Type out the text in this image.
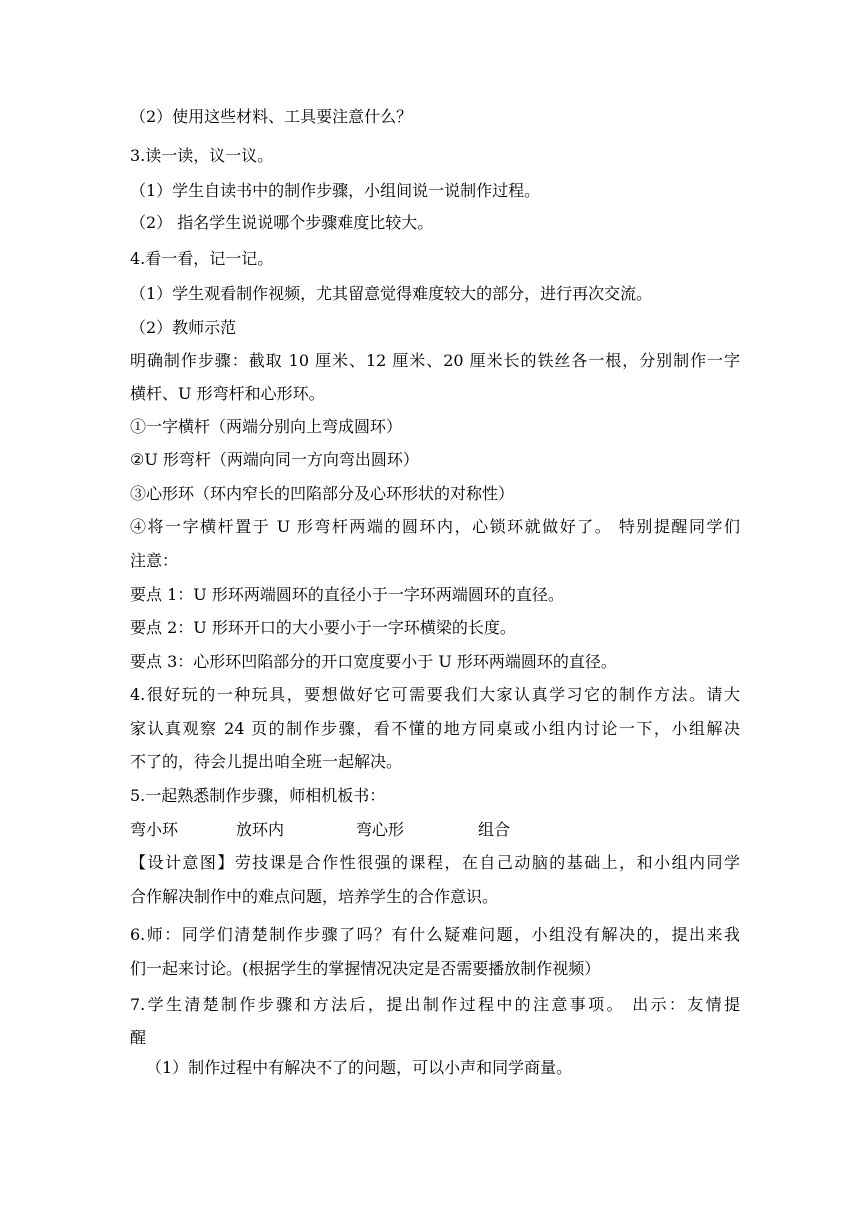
（2）使用这些材料、工具要注意什么？
3.读一读，议一议。
（1）学生自读书中的制作步骤，小组间说一说制作过程。
（2） 指名学生说说哪个步骤难度比较大。
4.看一看，记一记。
（1）学生观看制作视频，尤其留意觉得难度较大的部分，进行再次交流。
（2）教师示范
明确制作步骤：截取 10 厘米、12 厘米、20 厘米长的铁丝各一根，分别制作一字
横杆、U 形弯杆和心形环。
①一字横杆（两端分别向上弯成圆环）
②U 形弯杆（两端向同一方向弯出圆环）
③心形环（环内窄长的凹陷部分及心环形状的对称性）
④将一字横杆置于 U 形弯杆两端的圆环内，心锁环就做好了。 特别提醒同学们
注意：
要点 1：U 形环两端圆环的直径小于一字环两端圆环的直径。
要点 2：U 形环开口的大小要小于一字环横梁的长度。
要点 3：心形环凹陷部分的开口宽度要小于 U 形环两端圆环的直径。
4.很好玩的一种玩具，要想做好它可需要我们大家认真学习它的制作方法。请大
家认真观察 24 页的制作步骤，看不懂的地方同桌或小组内讨论一下，小组解决
不了的，待会儿提出咱全班一起解决。
5.一起熟悉制作步骤，师相机板书：
弯小环	放环内	弯心形	组合
【设计意图】劳技课是合作性很强的课程，在自己动脑的基础上，和小组内同学
合作解决制作中的难点问题，培养学生的合作意识。
6.师：同学们清楚制作步骤了吗？有什么疑难问题，小组没有解决的，提出来我
们一起来讨论。(根据学生的掌握情况决定是否需要播放制作视频）
7.学生清楚制作步骤和方法后，提出制作过程中的注意事项。 出示：友情提
醒
（1）制作过程中有解决不了的问题，可以小声和同学商量。
